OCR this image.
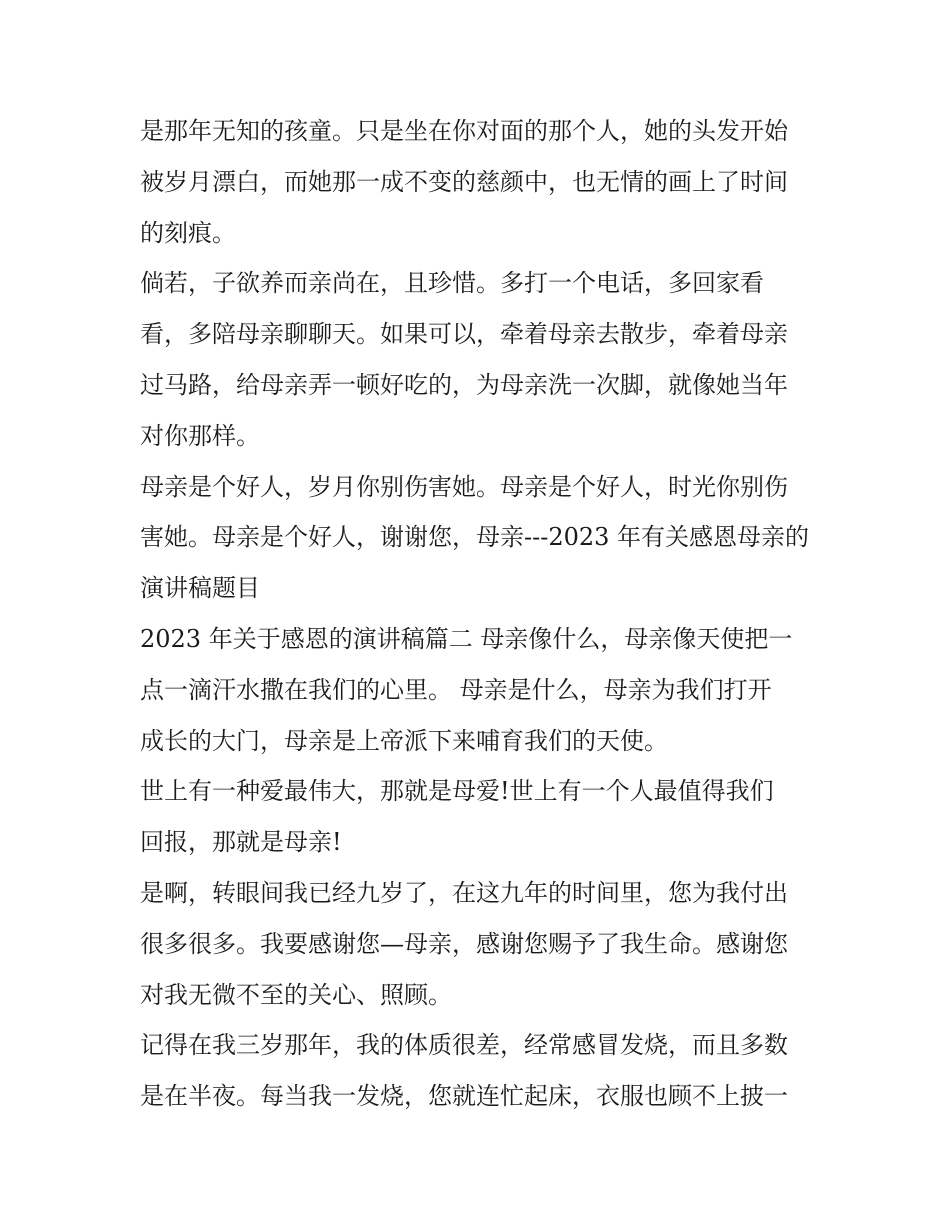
是那年无知的孩童。只是坐在你对面的那个人，她的头发开始
被岁月漂白，而她那一成不变的慈颜中，也无情的画上了时间
的刻痕。
倘若，子欲养而亲尚在，且珍惜。多打一个电话，多回家看
看，多陪母亲聊聊天。如果可以，牵着母亲去散步，牵着母亲
过马路，给母亲弄一顿好吃的，为母亲洗一次脚，就像她当年
对你那样。
母亲是个好人，岁月你别伤害她。母亲是个好人，时光你别伤
害她。母亲是个好人，谢谢您，母亲---2023 年有关感恩母亲的
演讲稿题目
2023 年关于感恩的演讲稿篇二 母亲像什么，母亲像天使把一
点一滴汗水撒在我们的心里。 母亲是什么，母亲为我们打开
成长的大门，母亲是上帝派下来哺育我们的天使。
世上有一种爱最伟大，那就是母爱!世上有一个人最值得我们
回报，那就是母亲!
是啊，转眼间我已经九岁了，在这九年的时间里，您为我付出
很多很多。我要感谢您—母亲，感谢您赐予了我生命。感谢您
对我无微不至的关心、照顾。
记得在我三岁那年，我的体质很差，经常感冒发烧，而且多数
是在半夜。每当我一发烧，您就连忙起床，衣服也顾不上披一
